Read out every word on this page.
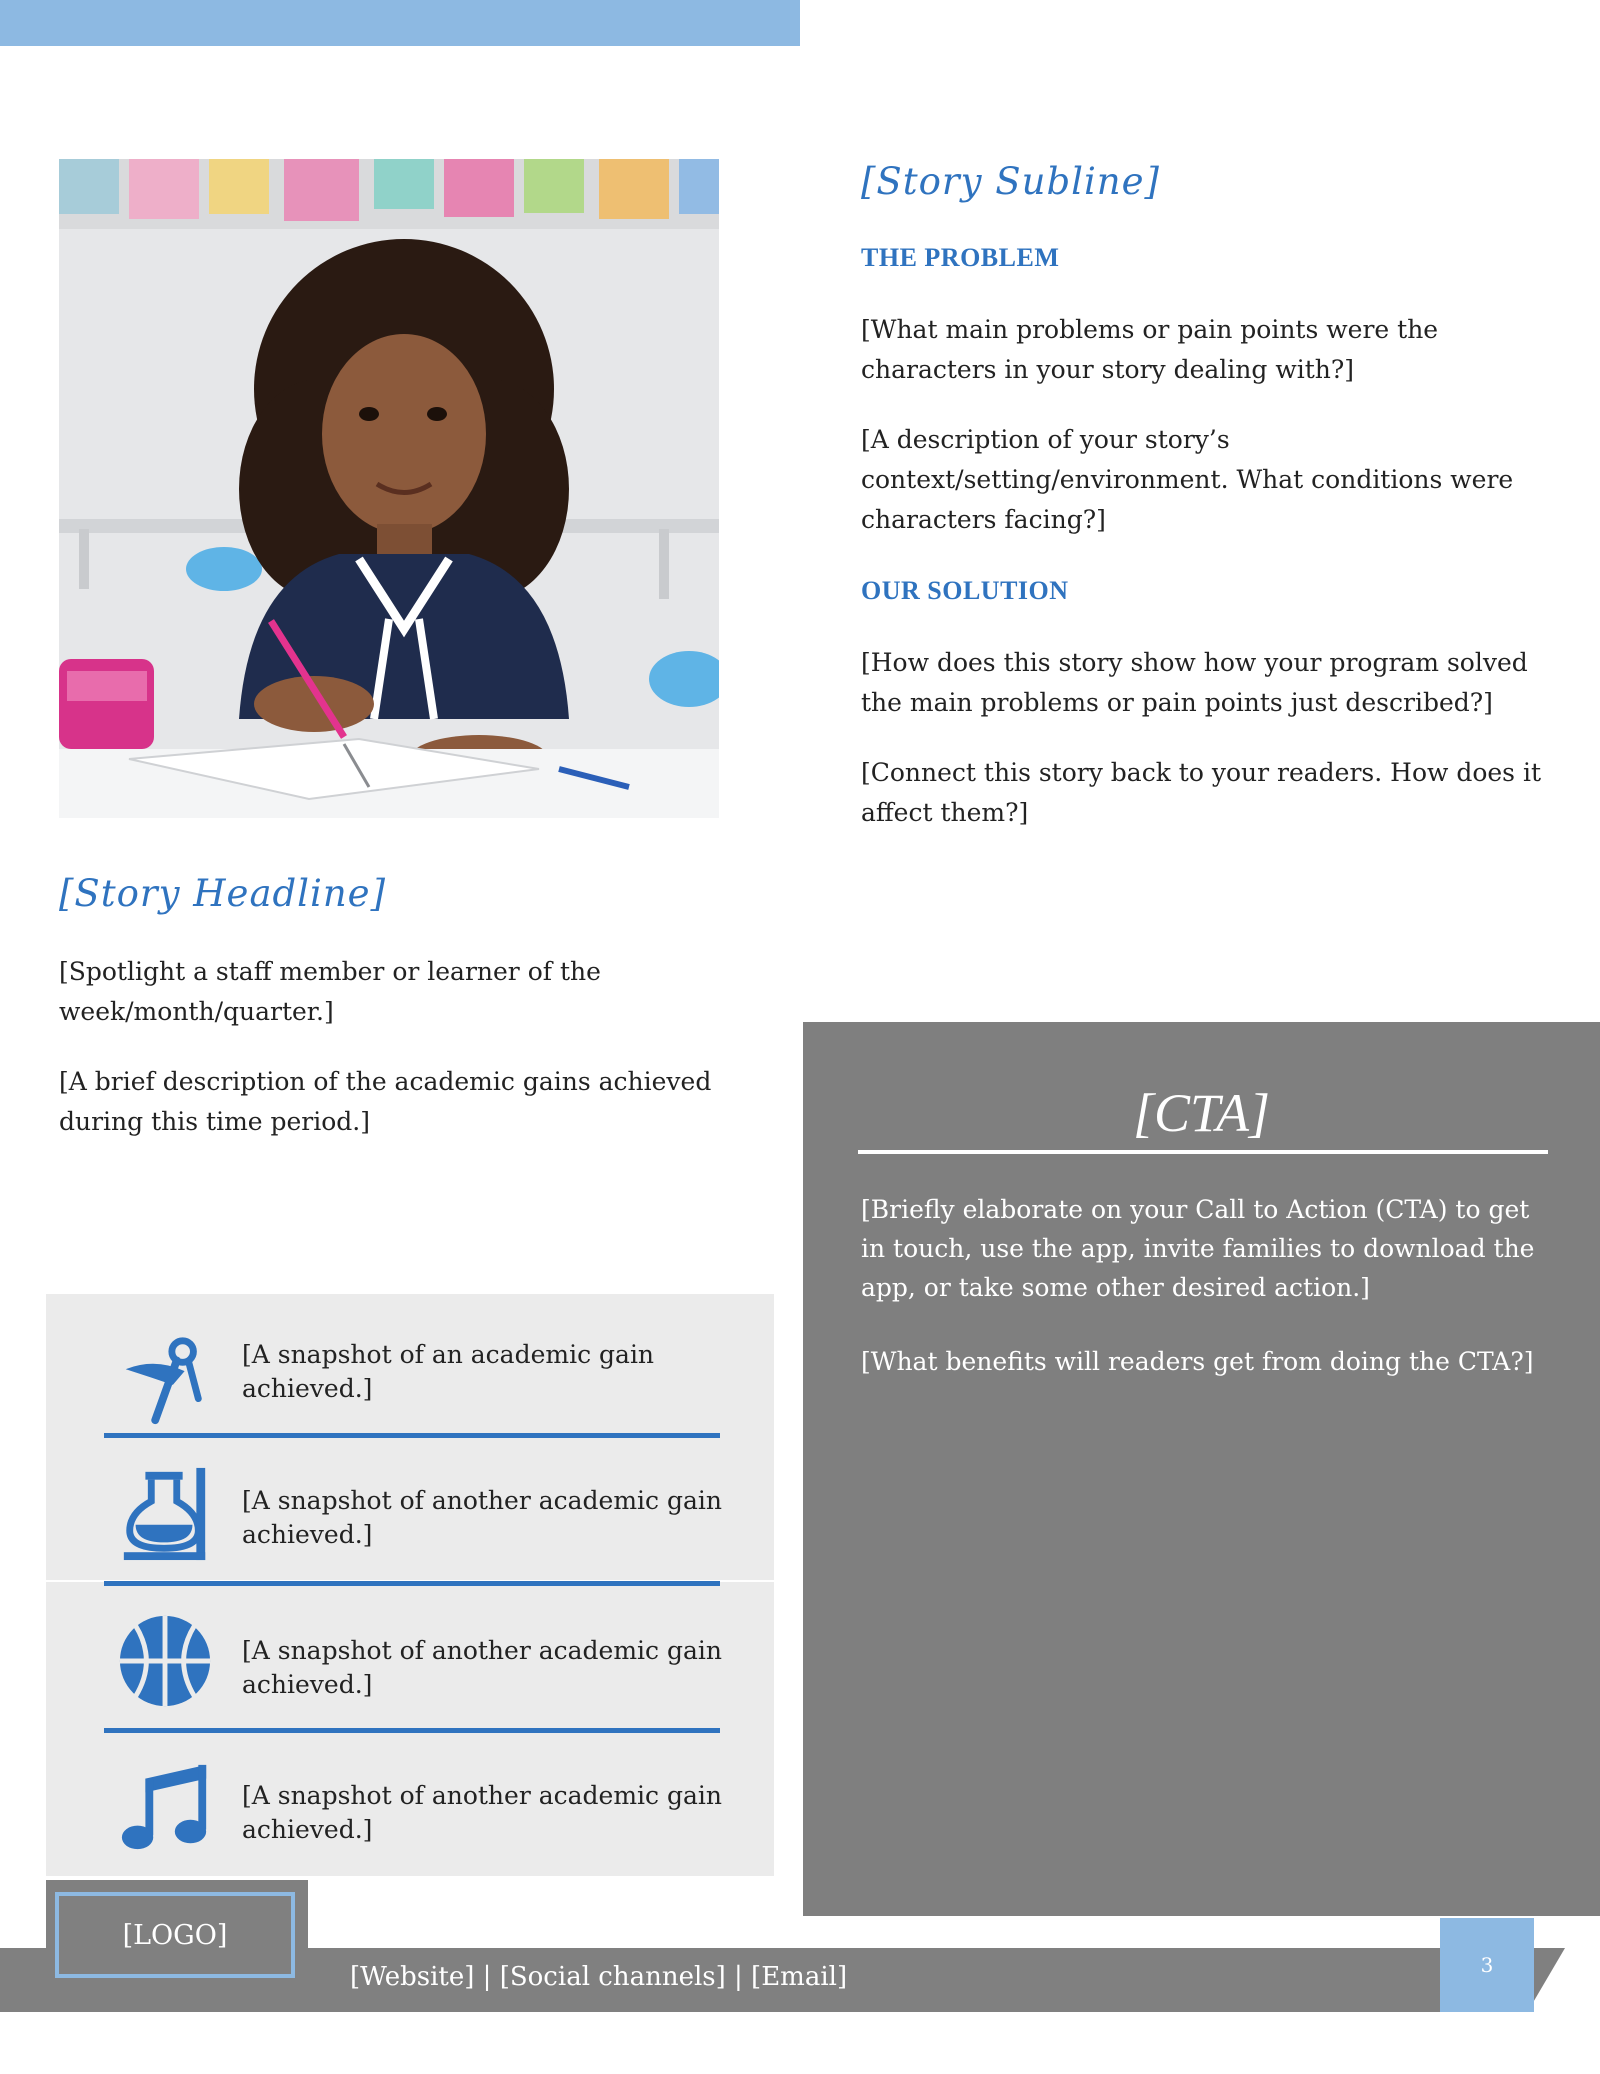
[Story Headline]
[Spotlight a staff member or learner of the week/month/quarter.]
[A brief description of the academic gains achieved during this time period.]
[Story Subline]
THE PROBLEM
[What main problems or pain points were the characters in your story dealing with?]
[A description of your story’s context/setting/environment. What conditions were characters facing?]
OUR SOLUTION
[How does this story show how your program solved the main problems or pain points just described?]
[Connect this story back to your readers. How does it affect them?]
[CTA]
[Briefly elaborate on your Call to Action (CTA) to get in touch, use the app, invite families to download the app, or take some other desired action.]
[What benefits will readers get from doing the CTA?]
[A snapshot of an academic gain achieved.]
[A snapshot of another academic gain achieved.]
[A snapshot of another academic gain achieved.]
[A snapshot of another academic gain achieved.]
[LOGO]
[Website] | [Social channels] | [Email]	3
